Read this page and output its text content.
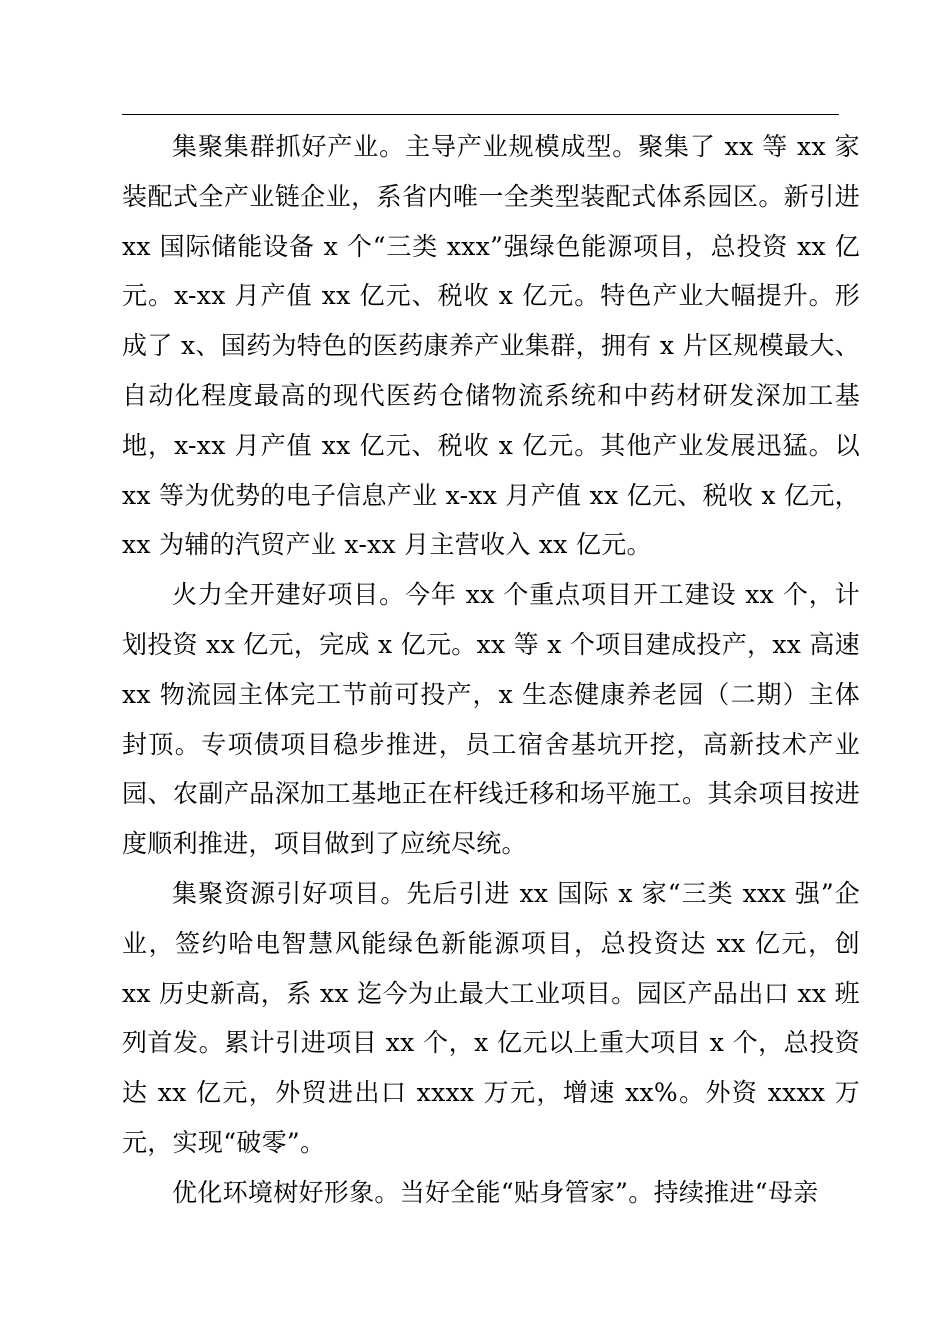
集聚集群抓好产业。主导产业规模成型。聚集了 xx 等 xx 家装配式全产业链企业，系省内唯一全类型装配式体系园区。新引进 xx 国际储能设备 x 个“三类 xxx”强绿色能源项目，总投资 xx 亿元。x-xx 月产值 xx 亿元、税收 x 亿元。特色产业大幅提升。形成了 x、国药为特色的医药康养产业集群，拥有 x 片区规模最大、自动化程度最高的现代医药仓储物流系统和中药材研发深加工基地，x-xx 月产值 xx 亿元、税收 x 亿元。其他产业发展迅猛。以 xx 等为优势的电子信息产业 x-xx 月产值 xx 亿元、税收 x 亿元，xx 为辅的汽贸产业 x-xx 月主营收入 xx 亿元。

火力全开建好项目。今年 xx 个重点项目开工建设 xx 个，计划投资 xx 亿元，完成 x 亿元。xx 等 x 个项目建成投产，xx 高速 xx 物流园主体完工节前可投产，x 生态健康养老园（二期）主体封顶。专项债项目稳步推进，员工宿舍基坑开挖，高新技术产业园、农副产品深加工基地正在杆线迁移和场平施工。其余项目按进度顺利推进，项目做到了应统尽统。

集聚资源引好项目。先后引进 xx 国际 x 家“三类 xxx 强”企业，签约哈电智慧风能绿色新能源项目，总投资达 xx 亿元，创 xx 历史新高，系 xx 迄今为止最大工业项目。园区产品出口 xx 班列首发。累计引进项目 xx 个，x 亿元以上重大项目 x 个，总投资达 xx 亿元，外贸进出口 xxxx 万元，增速 xx%。外资 xxxx 万元，实现“破零”。

优化环境树好形象。当好全能“贴身管家”。持续推进“母亲
